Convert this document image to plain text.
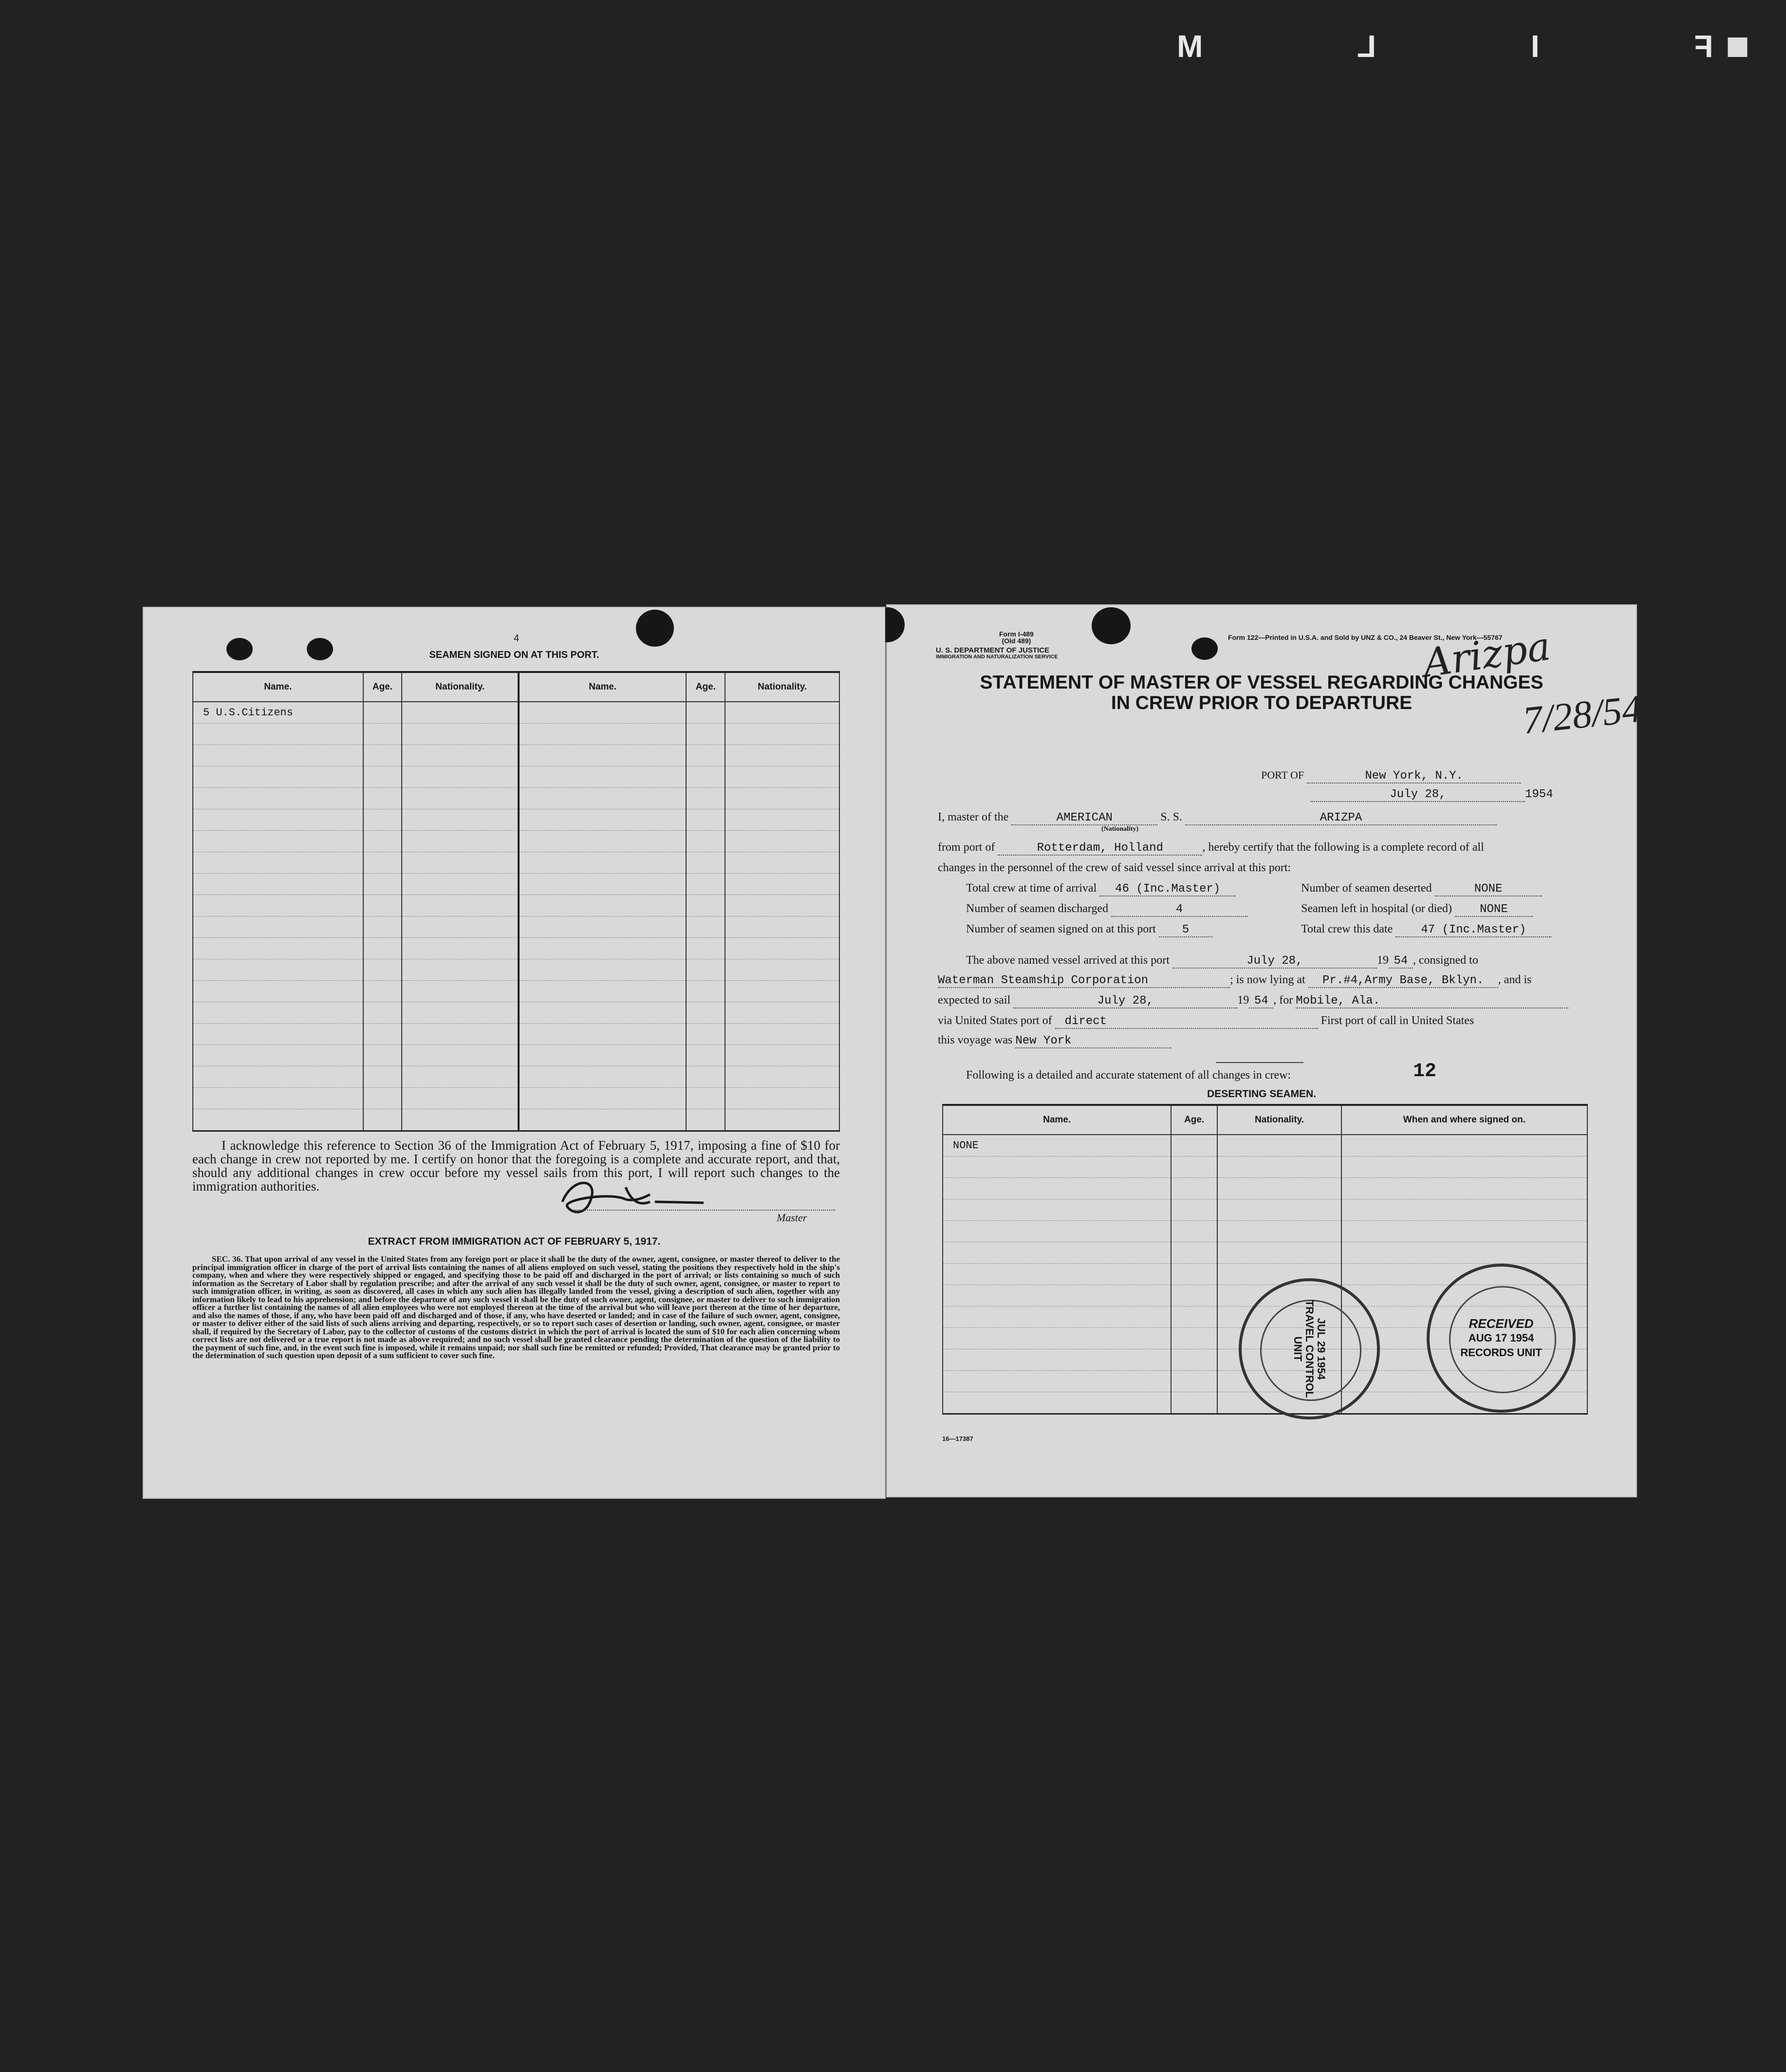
F I L M
4
SEAMEN SIGNED ON AT THIS PORT.
Name.	Age.	Nationality.	Name.	Age.	Nationality.
5 U.S.Citizens					

I acknowledge this reference to Section 36 of the Immigration Act of February 5, 1917, imposing a fine of $10 for each change in crew not reported by me. I certify on honor that the foregoing is a complete and accurate report, and that, should any additional changes in crew occur before my vessel sails from this port, I will report such changes to the immigration authorities.
Master
EXTRACT FROM IMMIGRATION ACT OF FEBRUARY 5, 1917.
SEC. 36. That upon arrival of any vessel in the United States from any foreign port or place it shall be the duty of the owner, agent, consignee, or master thereof to deliver to the principal immigration officer in charge of the port of arrival lists containing the names of all aliens employed on such vessel, stating the positions they respectively hold in the ship's company, when and where they were respectively shipped or engaged, and specifying those to be paid off and discharged in the port of arrival; or lists containing so much of such information as the Secretary of Labor shall by regulation prescribe; and after the arrival of any such vessel it shall be the duty of such owner, agent, consignee, or master to report to such immigration officer, in writing, as soon as discovered, all cases in which any such alien has illegally landed from the vessel, giving a description of such alien, together with any information likely to lead to his apprehension; and before the departure of any such vessel it shall be the duty of such owner, agent, consignee, or master to deliver to such immigration officer a further list containing the names of all alien employees who were not employed thereon at the time of the arrival but who will leave port thereon at the time of her departure, and also the names of those, if any, who have been paid off and discharged and of those, if any, who have deserted or landed; and in case of the failure of such owner, agent, consignee, or master to deliver either of the said lists of such aliens arriving and departing, respectively, or so to report such cases of desertion or landing, such owner, agent, consignee, or master shall, if required by the Secretary of Labor, pay to the collector of customs of the customs district in which the port of arrival is located the sum of $10 for each alien concerning whom correct lists are not delivered or a true report is not made as above required; and no such vessel shall be granted clearance pending the determination of the question of the liability to the payment of such fine, and, in the event such fine is imposed, while it remains unpaid; nor shall such fine be remitted or refunded; Provided, That clearance may be granted prior to the determination of such question upon deposit of a sum sufficient to cover such fine.
Form I-489
(Old 489)
U. S. DEPARTMENT OF JUSTICE
IMMIGRATION AND NATURALIZATION SERVICE
Form 122—Printed in U.S.A. and Sold by UNZ & CO., 24 Beaver St., New York—55767
Arizpa
7/28/54
STATEMENT OF MASTER OF VESSEL REGARDING CHANGES
IN CREW PRIOR TO DEPARTURE
PORT OF	New York, N.Y.
July 28,	1954
I, master of the	AMERICAN	S. S.	ARIZPA
(Nationality)
from port of	Rotterdam, Holland	, hereby certify that the following is a complete record of all
changes in the personnel of the crew of said vessel since arrival at this port:
Total crew at time of arrival 46 (Inc.Master)	Number of seamen deserted	NONE
Number of seamen discharged	4	Seamen left in hospital (or died) NONE
Number of seamen signed on at this port 5	Total crew this date 47 (Inc.Master)
The above named vessel arrived at this port	July 28,	19 54 , consigned to
Waterman Steamship Corporation	; is now lying at Pr.#4,Army Base, Bklyn. , and is
expected to sail	July 28,	19 54 , for Mobile, Ala.
via United States port of direct	First port of call in United States
this voyage was New York
Following is a detailed and accurate statement of all changes in crew:	12
DESERTING SEAMEN.
Name.	Age.	Nationality.	When and where signed on.
NONE			

JUL 29 1954
TRAVEL CONTROL
UNIT
RECEIVED
AUG 17 1954
RECORDS UNIT
16—17387
